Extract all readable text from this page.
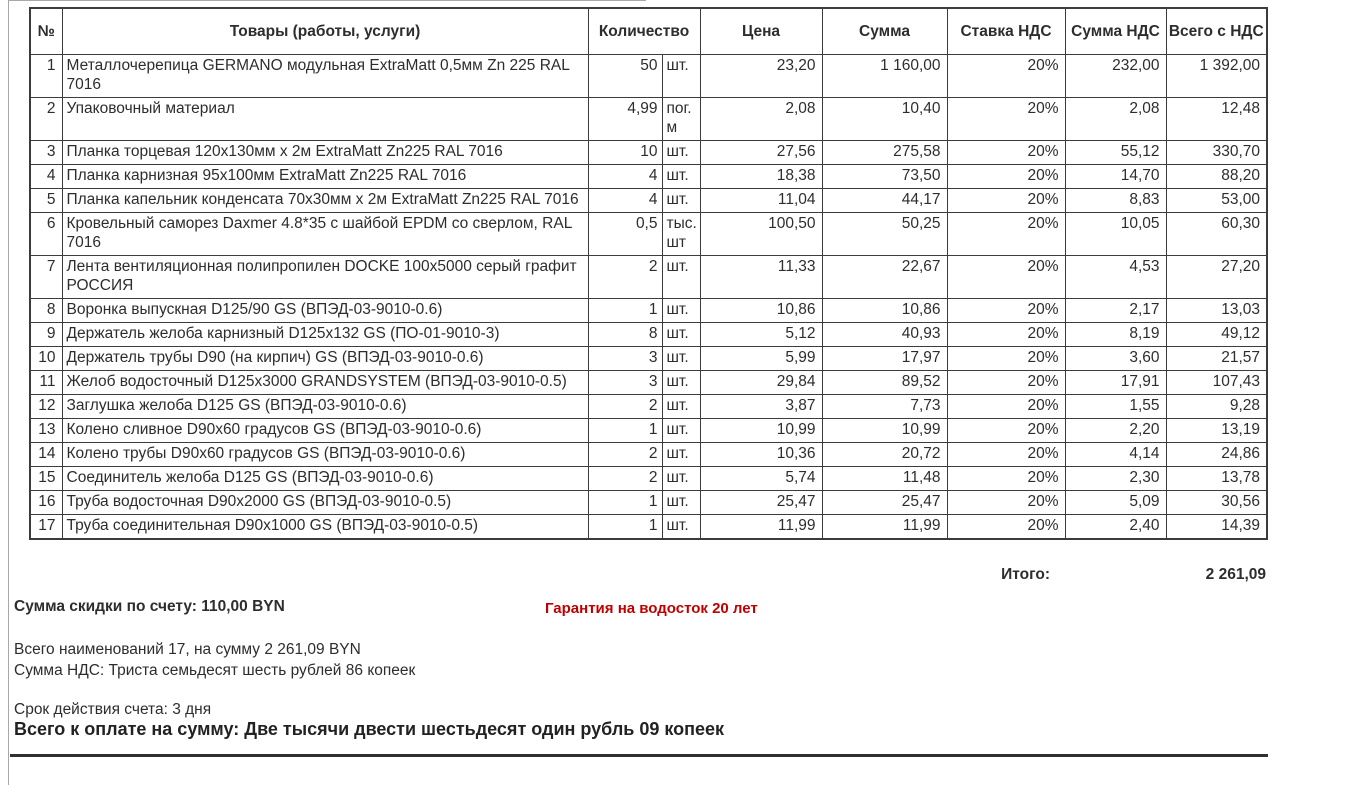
№	Товары (работы, услуги)	Количество		Цена	Сумма	Ставка НДС	Сумма НДС	Всего с НДС
1	Металлочерепица GERMANO модульная ExtraMatt 0,5мм Zn 225 RAL 7016	50	шт.	23,20	1 160,00	20%	232,00	1 392,00
2	Упаковочный материал	4,99	пог. м	2,08	10,40	20%	2,08	12,48
3	Планка торцевая 120х130мм х 2м ExtraMatt Zn225 RAL 7016	10	шт.	27,56	275,58	20%	55,12	330,70
4	Планка карнизная 95х100мм ExtraMatt Zn225 RAL 7016	4	шт.	18,38	73,50	20%	14,70	88,20
5	Планка капельник конденсата 70х30мм х 2м ExtraMatt Zn225 RAL 7016	4	шт.	11,04	44,17	20%	8,83	53,00
6	Кровельный саморез Daxmer 4.8*35 с шайбой EPDM со сверлом, RAL 7016	0,5	тыс. шт	100,50	50,25	20%	10,05	60,30
7	Лента вентиляционная полипропилен DOCKE 100х5000 серый графит РОССИЯ	2	шт.	11,33	22,67	20%	4,53	27,20
8	Воронка выпускная D125/90 GS (ВПЭД-03-9010-0.6)	1	шт.	10,86	10,86	20%	2,17	13,03
9	Держатель желоба карнизный D125х132 GS (ПО-01-9010-3)	8	шт.	5,12	40,93	20%	8,19	49,12
10	Держатель трубы D90 (на кирпич) GS (ВПЭД-03-9010-0.6)	3	шт.	5,99	17,97	20%	3,60	21,57
11	Желоб водосточный D125х3000 GRANDSYSTEM (ВПЭД-03-9010-0.5)	3	шт.	29,84	89,52	20%	17,91	107,43
12	Заглушка желоба D125 GS (ВПЭД-03-9010-0.6)	2	шт.	3,87	7,73	20%	1,55	9,28
13	Колено сливное D90х60 градусов GS (ВПЭД-03-9010-0.6)	1	шт.	10,99	10,99	20%	2,20	13,19
14	Колено трубы D90х60 градусов GS (ВПЭД-03-9010-0.6)	2	шт.	10,36	20,72	20%	4,14	24,86
15	Соединитель желоба D125 GS (ВПЭД-03-9010-0.6)	2	шт.	5,74	11,48	20%	2,30	13,78
16	Труба водосточная D90х2000 GS (ВПЭД-03-9010-0.5)	1	шт.	25,47	25,47	20%	5,09	30,56
17	Труба соединительная D90х1000 GS (ВПЭД-03-9010-0.5)	1	шт.	11,99	11,99	20%	2,40	14,39
Итого:	2 261,09
Сумма скидки по счету: 110,00 BYN	Гарантия на водосток 20 лет
Всего наименований 17, на сумму 2 261,09 BYN
Сумма НДС: Триста семьдесят шесть рублей 86 копеек
Срок действия счета: 3 дня
Всего к оплате на сумму: Две тысячи двести шестьдесят один рубль 09 копеек
